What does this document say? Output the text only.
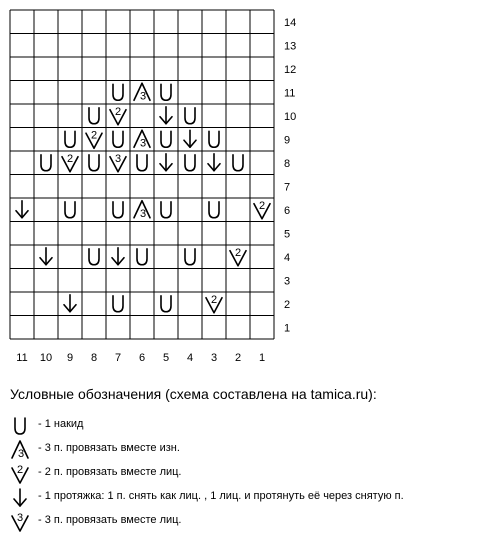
3
2
2
3
2	3
3
2
2
2
14
13
12
11
10
9
8
7
6
5
4
3
2
1
11 10 9 8 7 6 5 4 3 2 1
Условные обозначения (схема составлена на tamica.ru):
- 1 накид
3 - 3 п. провязать вместе изн.
2 - 2 п. провязать вместе лиц.
- 1 протяжка: 1 п. снять как лиц. , 1 лиц. и протянуть её через снятую п.
3 - 3 п. провязать вместе лиц.
